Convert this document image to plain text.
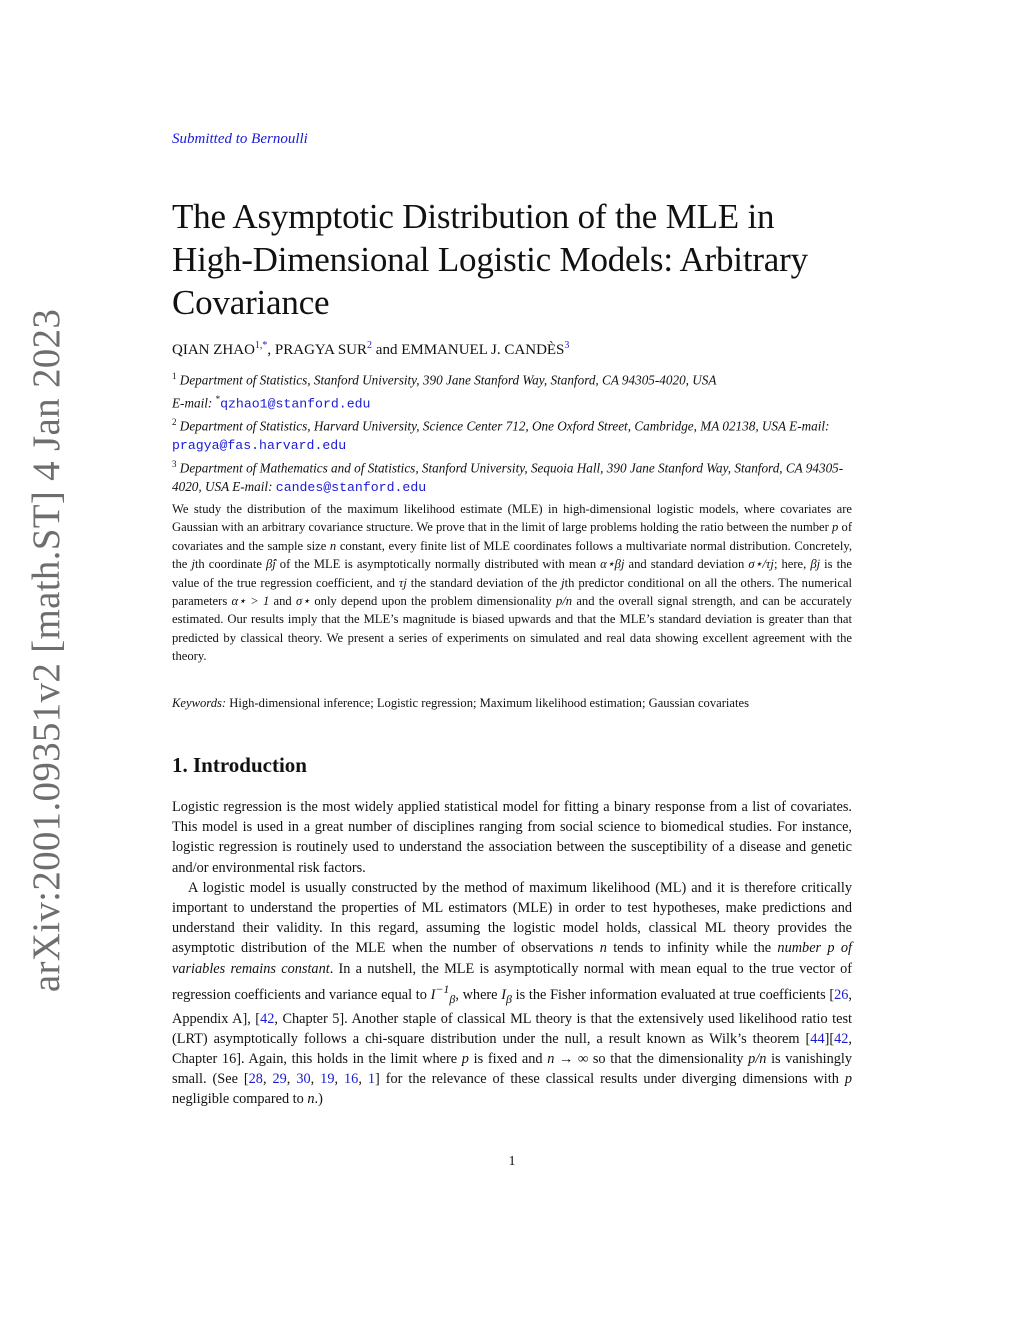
arXiv:2001.09351v2 [math.ST] 4 Jan 2023
Submitted to Bernoulli
The Asymptotic Distribution of the MLE in High-Dimensional Logistic Models: Arbitrary Covariance
QIAN $ZHAO^{1,*}$, PRAGYA SUR$^2$ and EMMANUEL J. CANDÈS$^3$
$^1$ Department of Statistics, Stanford University, 390 Jane Stanford Way, Stanford, CA 94305-4020, USA
E-mail: *qzhao1@stanford.edu
$^2$ Department of Statistics, Harvard University, Science Center 712, One Oxford Street, Cambridge, MA 02138, USA E-mail: pragya@fas.harvard.edu
$^3$ Department of Mathematics and of Statistics, Stanford University, Sequoia Hall, 390 Jane Stanford Way, Stanford, CA 94305-4020, USA E-mail: candes@stanford.edu
We study the distribution of the maximum likelihood estimate (MLE) in high-dimensional logistic models, where covariates are Gaussian with an arbitrary covariance structure. We prove that in the limit of large problems holding the ratio between the number p of covariates and the sample size n constant, every finite list of MLE coordinates follows a multivariate normal distribution. Concretely, the jth coordinate β̂j of the MLE is asymptotically normally distributed with mean α⋆βj and standard deviation σ⋆/τj; here, βj is the value of the true regression coefficient, and τj the standard deviation of the jth predictor conditional on all the others. The numerical parameters α⋆ > 1 and σ⋆ only depend upon the problem dimensionality p/n and the overall signal strength, and can be accurately estimated. Our results imply that the MLE’s magnitude is biased upwards and that the MLE’s standard deviation is greater than that predicted by classical theory. We present a series of experiments on simulated and real data showing excellent agreement with the theory.
Keywords: High-dimensional inference; Logistic regression; Maximum likelihood estimation; Gaussian covariates
1. Introduction

Logistic regression is the most widely applied statistical model for fitting a binary response from a list of covariates. This model is used in a great number of disciplines ranging from social science to biomedical studies. For instance, logistic regression is routinely used to understand the association between the susceptibility of a disease and genetic and/or environmental risk factors.

A logistic model is usually constructed by the method of maximum likelihood (ML) and it is therefore critically important to understand the properties of ML estimators (MLE) in order to test hypotheses, make predictions and understand their validity. In this regard, assuming the logistic model holds, classical ML theory provides the asymptotic distribution of the MLE when the number of observations n tends to infinity while the number p of variables remains constant. In a nutshell, the MLE is asymptotically normal with mean equal to the true vector of regression coefficients and variance equal to $I^{-1}_\beta$, where $I_\beta$ is the Fisher information evaluated at true coefficients [26, Appendix A], [42, Chapter 5]. Another staple of classical ML theory is that the extensively used likelihood ratio test (LRT) asymptotically follows a chi-square distribution under the null, a result known as Wilk’s theorem [44][42, Chapter 16]. Again, this holds in the limit where p is fixed and n → ∞ so that the dimensionality p/n is vanishingly small. (See [28, 29, 30, 19, 16, 1] for the relevance of these classical results under diverging dimensions with p negligible compared to n.)

1
